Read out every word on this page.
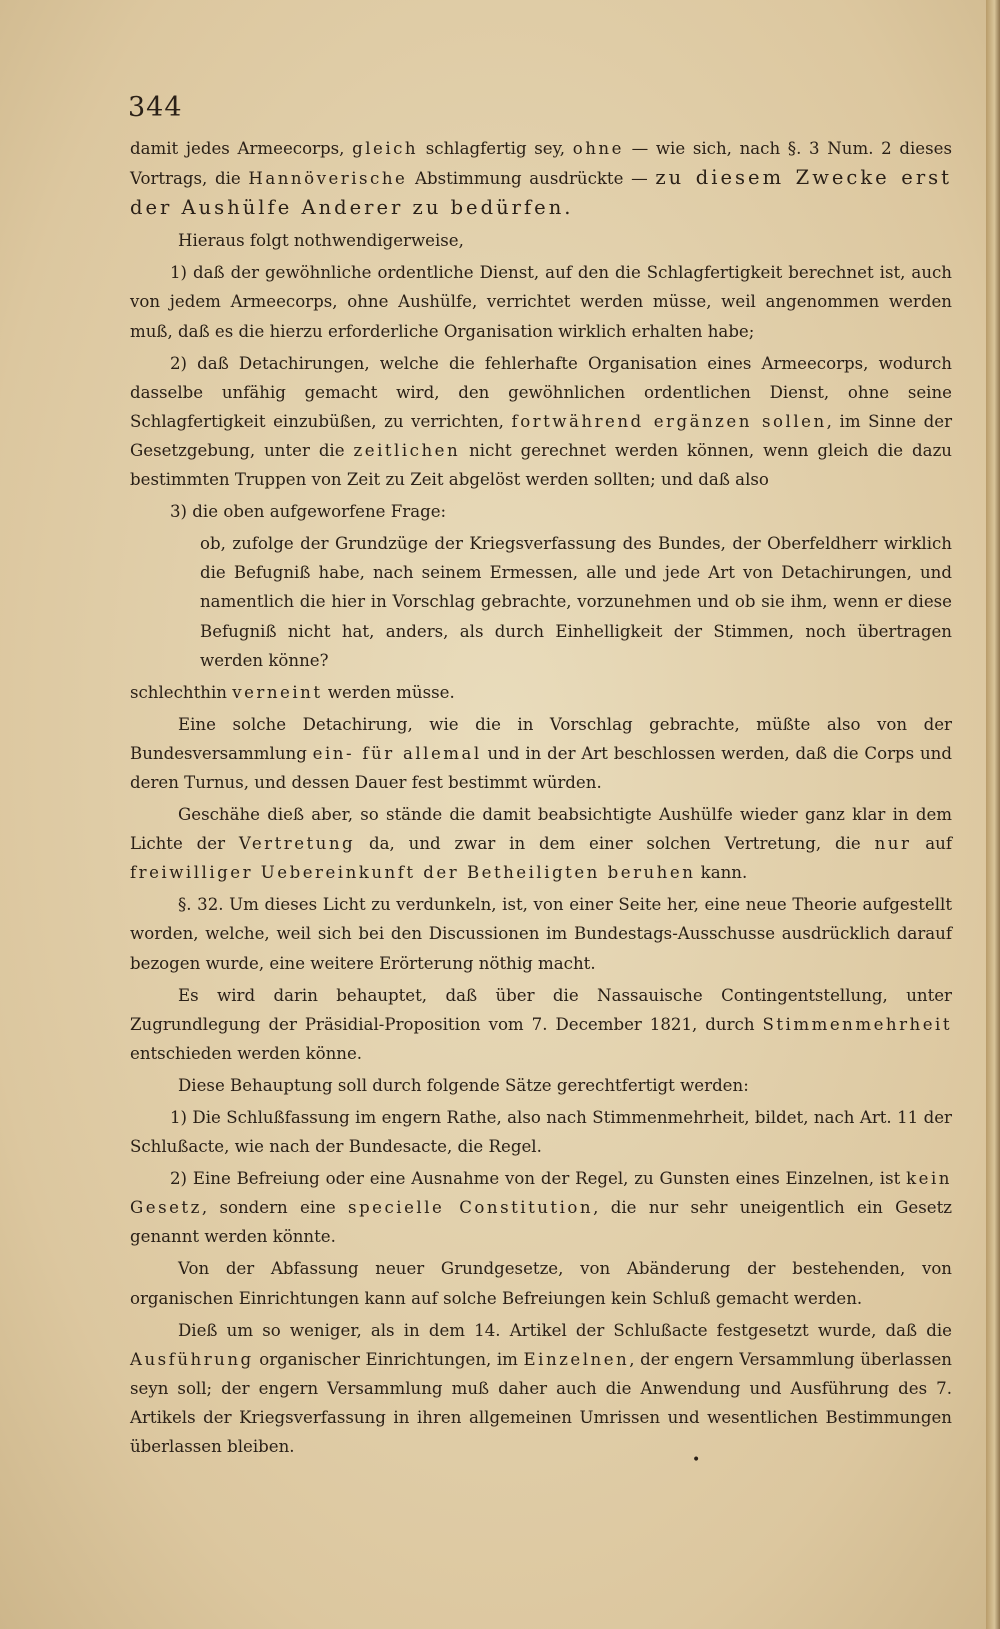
344

damit jedes Armeecorps, gleich schlagfertig sey, ohne — wie sich, nach §. 3 Num. 2 dieses Vortrags, die Hannöverische Abstimmung ausdrückte — zu diesem Zwecke erst der Aushülfe Anderer zu bedürfen.

Hieraus folgt nothwendigerweise,

1) daß der gewöhnliche ordentliche Dienst, auf den die Schlagfertigkeit berechnet ist, auch von jedem Armeecorps, ohne Aushülfe, verrichtet werden müsse, weil angenommen werden muß, daß es die hierzu erforderliche Organisation wirklich erhalten habe;

2) daß Detachirungen, welche die fehlerhafte Organisation eines Armeecorps, wodurch dasselbe unfähig gemacht wird, den gewöhnlichen ordentlichen Dienst, ohne seine Schlagfertigkeit einzubüßen, zu verrichten, fortwährend ergänzen sollen, im Sinne der Gesetzgebung, unter die zeitlichen nicht gerechnet werden können, wenn gleich die dazu bestimmten Truppen von Zeit zu Zeit abgelöst werden sollten; und daß also

3) die oben aufgeworfene Frage:

ob, zufolge der Grundzüge der Kriegsverfassung des Bundes, der Oberfeldherr wirklich die Befugniß habe, nach seinem Ermessen, alle und jede Art von Detachirungen, und namentlich die hier in Vorschlag gebrachte, vorzunehmen und ob sie ihm, wenn er diese Befugniß nicht hat, anders, als durch Einhelligkeit der Stimmen, noch übertragen werden könne?

schlechthin verneint werden müsse.

Eine solche Detachirung, wie die in Vorschlag gebrachte, müßte also von der Bundesversammlung ein- für allemal und in der Art beschlossen werden, daß die Corps und deren Turnus, und dessen Dauer fest bestimmt würden.

Geschähe dieß aber, so stände die damit beabsichtigte Aushülfe wieder ganz klar in dem Lichte der Vertretung da, und zwar in dem einer solchen Vertretung, die nur auf freiwilliger Uebereinkunft der Betheiligten beruhen kann.

§. 32. Um dieses Licht zu verdunkeln, ist, von einer Seite her, eine neue Theorie aufgestellt worden, welche, weil sich bei den Discussionen im Bundestags-Ausschusse ausdrücklich darauf bezogen wurde, eine weitere Erörterung nöthig macht.

Es wird darin behauptet, daß über die Nassauische Contingentstellung, unter Zugrundlegung der Präsidial-Proposition vom 7. December 1821, durch Stimmenmehrheit entschieden werden könne.

Diese Behauptung soll durch folgende Sätze gerechtfertigt werden:

1) Die Schlußfassung im engern Rathe, also nach Stimmenmehrheit, bildet, nach Art. 11 der Schlußacte, wie nach der Bundesacte, die Regel.

2) Eine Befreiung oder eine Ausnahme von der Regel, zu Gunsten eines Einzelnen, ist kein Gesetz, sondern eine specielle Constitution, die nur sehr uneigentlich ein Gesetz genannt werden könnte.

Von der Abfassung neuer Grundgesetze, von Abänderung der bestehenden, von organischen Einrichtungen kann auf solche Befreiungen kein Schluß gemacht werden.

Dieß um so weniger, als in dem 14. Artikel der Schlußacte festgesetzt wurde, daß die Ausführung organischer Einrichtungen, im Einzelnen, der engern Versammlung überlassen seyn soll; der engern Versammlung muß daher auch die Anwendung und Ausführung des 7. Artikels der Kriegsverfassung in ihren allgemeinen Umrissen und wesentlichen Bestimmungen überlassen bleiben.

•
